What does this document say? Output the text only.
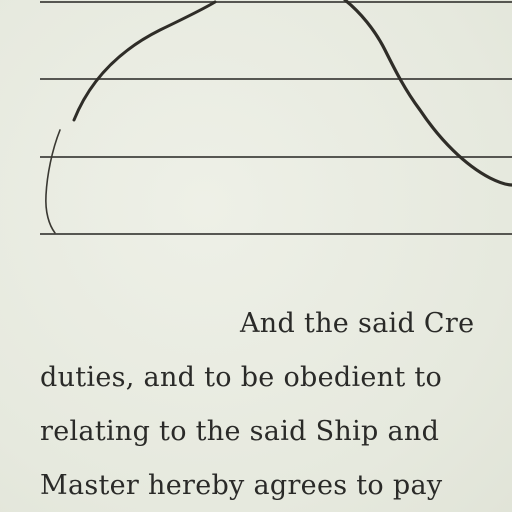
And the said Cre
duties, and to be obedient to
relating to the said Ship and
Master hereby agrees to pay
